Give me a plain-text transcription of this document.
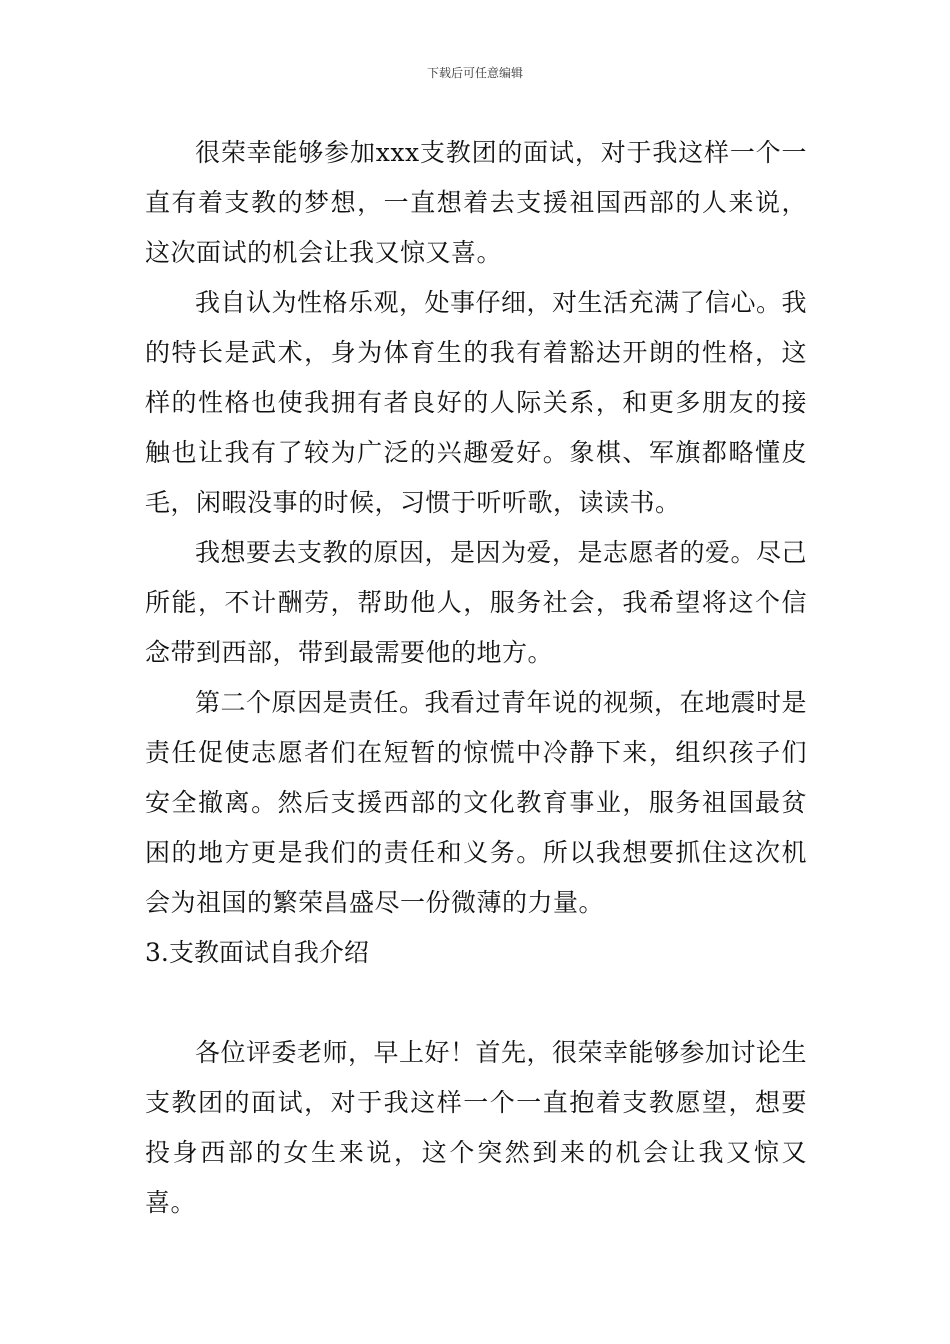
下载后可任意编辑

很荣幸能够参加xxx支教团的面试，对于我这样一个一直有着支教的梦想，一直想着去支援祖国西部的人来说，这次面试的机会让我又惊又喜。

我自认为性格乐观，处事仔细，对生活充满了信心。我的特长是武术，身为体育生的我有着豁达开朗的性格，这样的性格也使我拥有者良好的人际关系，和更多朋友的接触也让我有了较为广泛的兴趣爱好。象棋、军旗都略懂皮毛，闲暇没事的时候，习惯于听听歌，读读书。

我想要去支教的原因，是因为爱，是志愿者的爱。尽己所能，不计酬劳，帮助他人，服务社会，我希望将这个信念带到西部，带到最需要他的地方。

第二个原因是责任。我看过青年说的视频，在地震时是责任促使志愿者们在短暂的惊慌中冷静下来，组织孩子们安全撤离。然后支援西部的文化教育事业，服务祖国最贫困的地方更是我们的责任和义务。所以我想要抓住这次机会为祖国的繁荣昌盛尽一份微薄的力量。

3.支教面试自我介绍

各位评委老师，早上好！首先，很荣幸能够参加讨论生支教团的面试，对于我这样一个一直抱着支教愿望，想要投身西部的女生来说，这个突然到来的机会让我又惊又喜。
